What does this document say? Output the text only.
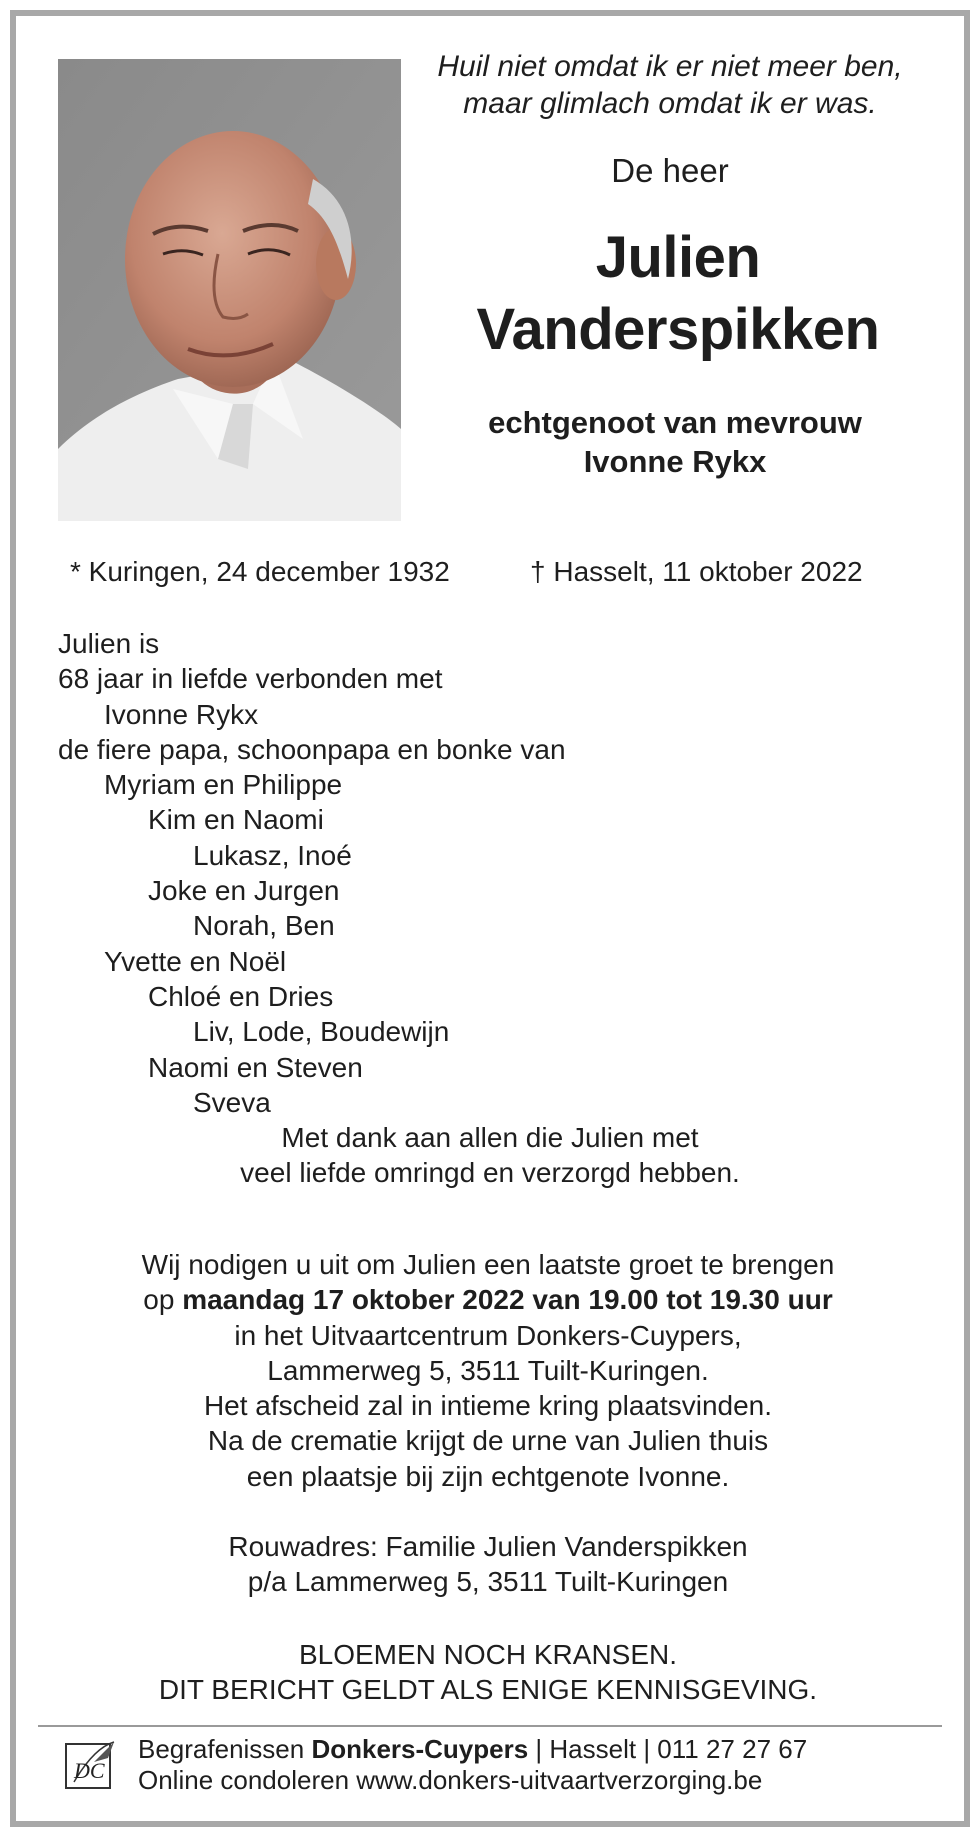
Huil niet omdat ik er niet meer ben,
maar glimlach omdat ik er was.

De heer

Julien
Vanderspikken

echtgenoot van mevrouw
Ivonne Rykx

* Kuringen, 24 december 1932	† Hasselt, 11 oktober 2022
Julien is
68 jaar in liefde verbonden met
Ivonne Rykx
de fiere papa, schoonpapa en bonke van
Myriam en Philippe
Kim en Naomi
Lukasz, Inoé
Joke en Jurgen
Norah, Ben
Yvette en Noël
Chloé en Dries
Liv, Lode, Boudewijn
Naomi en Steven
Sveva

Met dank aan allen die Julien met
veel liefde omringd en verzorgd hebben.

Wij nodigen u uit om Julien een laatste groet te brengen
op maandag 17 oktober 2022 van 19.00 tot 19.30 uur
in het Uitvaartcentrum Donkers-Cuypers,
Lammerweg 5, 3511 Tuilt-Kuringen.
Het afscheid zal in intieme kring plaatsvinden.
Na de crematie krijgt de urne van Julien thuis
een plaatsje bij zijn echtgenote Ivonne.

Rouwadres: Familie Julien Vanderspikken
p/a Lammerweg 5, 3511 Tuilt-Kuringen

BLOEMEN NOCH KRANSEN.
DIT BERICHT GELDT ALS ENIGE KENNISGEVING.

DC
Begrafenissen Donkers-Cuypers | Hasselt | 011 27 27 67
Online condoleren www.donkers-uitvaartverzorging.be
